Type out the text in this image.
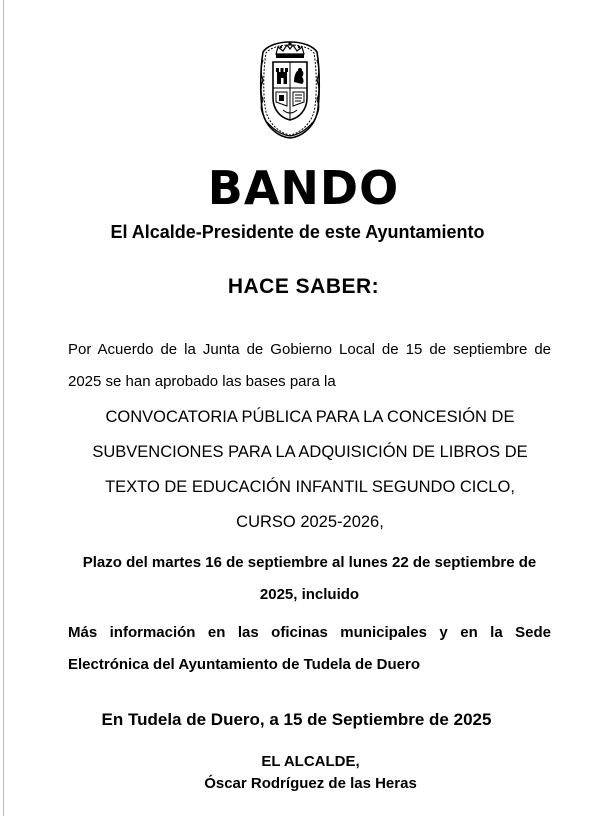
BANDO
El Alcalde-Presidente de este Ayuntamiento
HACE SABER:
Por Acuerdo de la Junta de Gobierno Local de 15 de septiembre de 2025 se han aprobado las bases para la
CONVOCATORIA PÚBLICA PARA LA CONCESIÓN DE
SUBVENCIONES PARA LA ADQUISICIÓN DE LIBROS DE
TEXTO DE EDUCACIÓN INFANTIL SEGUNDO CICLO,
CURSO 2025-2026,
Plazo del martes 16 de septiembre al lunes 22 de septiembre de 2025, incluido
Más información en las oficinas municipales y en la Sede Electrónica del Ayuntamiento de Tudela de Duero
En Tudela de Duero, a 15 de Septiembre de 2025
EL ALCALDE,
Óscar Rodríguez de las Heras
